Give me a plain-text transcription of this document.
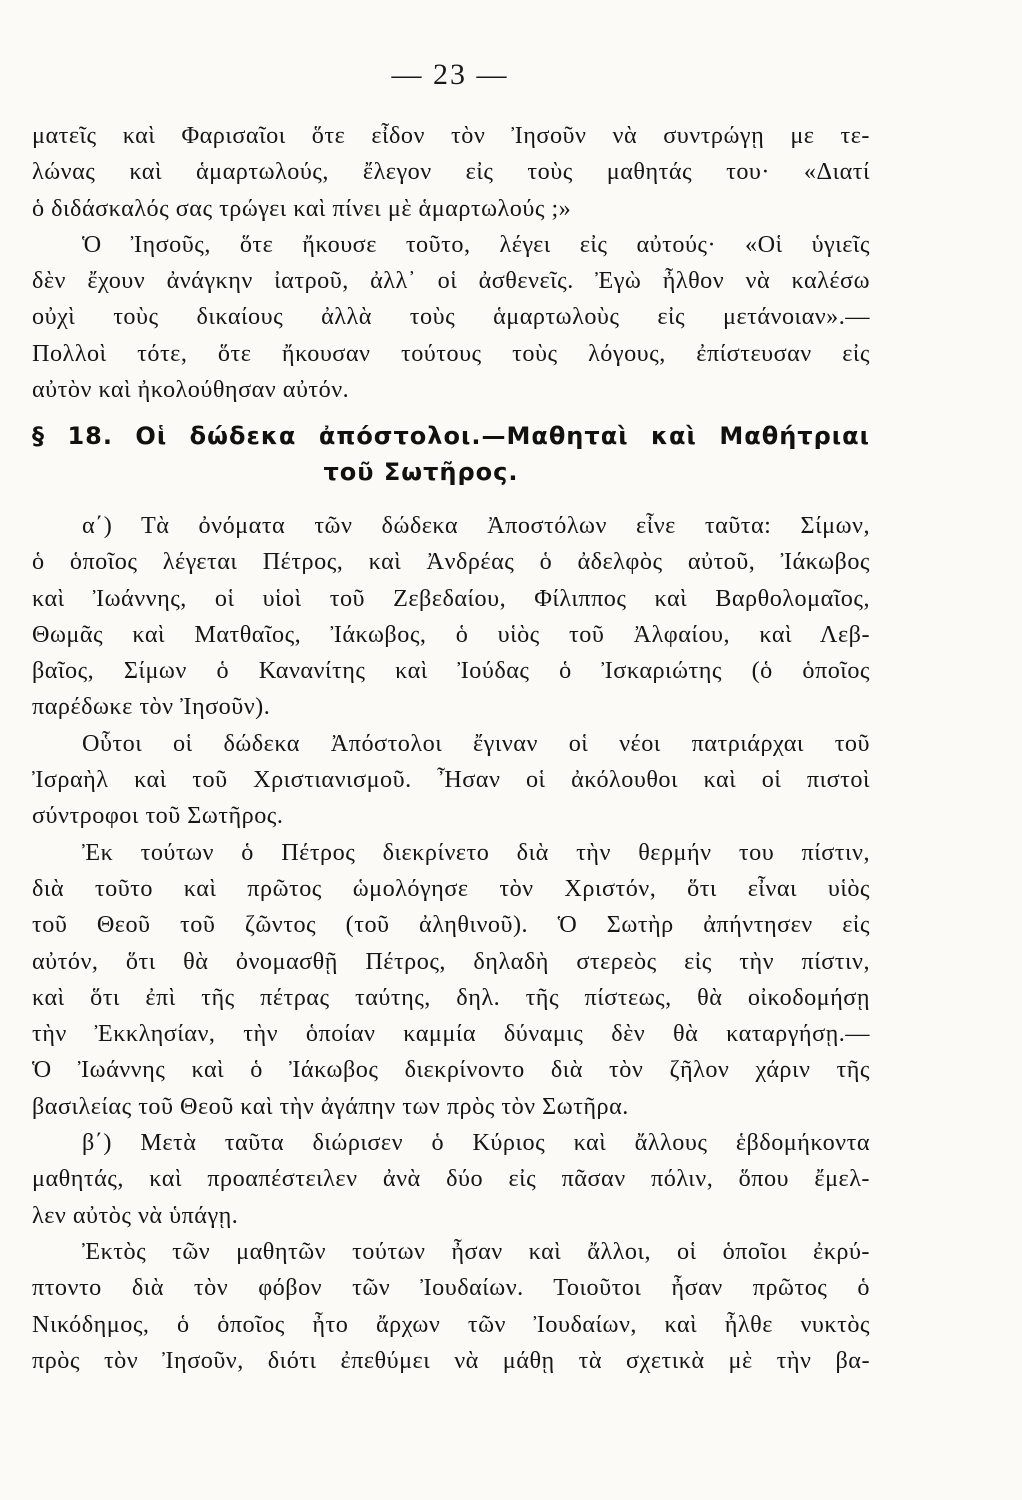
— 23 —
ματεῖς καὶ Φαρισαῖοι ὅτε εἶδον τὸν Ἰησοῦν νὰ συντρώγῃ με τε-
λώνας καὶ ἁμαρτωλούς, ἔλεγον εἰς τοὺς μαθητάς του· «Διατί
ὁ διδάσκαλός σας τρώγει καὶ πίνει μὲ ἁμαρτωλούς ;»
Ὁ Ἰησοῦς, ὅτε ἤκουσε τοῦτο, λέγει εἰς αὐτούς· «Οἱ ὑγιεῖς
δὲν ἔχουν ἀνάγκην ἰατροῦ, ἀλλ᾽ οἱ ἀσθενεῖς. Ἐγὼ ἦλθον νὰ καλέσω
οὐχὶ τοὺς δικαίους ἀλλὰ τοὺς ἁμαρτωλοὺς εἰς μετάνοιαν».—
Πολλοὶ τότε, ὅτε ἤκουσαν τούτους τοὺς λόγους, ἐπίστευσαν εἰς
αὐτὸν καὶ ἠκολούθησαν αὐτόν.
§ 18. Οἱ δώδεκα ἀπόστολοι.—Μαθηταὶ καὶ Μαθήτριαι
τοῦ Σωτῆρος.
α΄) Τὰ ὀνόματα τῶν δώδεκα Ἀποστόλων εἶνε ταῦτα: Σίμων,
ὁ ὁποῖος λέγεται Πέτρος, καὶ Ἀνδρέας ὁ ἀδελφὸς αὐτοῦ, Ἰάκωβος
καὶ Ἰωάννης, οἱ υἱοὶ τοῦ Ζεβεδαίου, Φίλιππος καὶ Βαρθολομαῖος,
Θωμᾶς καὶ Ματθαῖος, Ἰάκωβος, ὁ υἱὸς τοῦ Ἀλφαίου, καὶ Λεβ-
βαῖος, Σίμων ὁ Κανανίτης καὶ Ἰούδας ὁ Ἰσκαριώτης (ὁ ὁποῖος
παρέδωκε τὸν Ἰησοῦν).
Οὗτοι οἱ δώδεκα Ἀπόστολοι ἔγιναν οἱ νέοι πατριάρχαι τοῦ
Ἰσραὴλ καὶ τοῦ Χριστιανισμοῦ. Ἦσαν οἱ ἀκόλουθοι καὶ οἱ πιστοὶ
σύντροφοι τοῦ Σωτῆρος.
Ἐκ τούτων ὁ Πέτρος διεκρίνετο διὰ τὴν θερμήν του πίστιν,
διὰ τοῦτο καὶ πρῶτος ὡμολόγησε τὸν Χριστόν, ὅτι εἶναι υἱὸς
τοῦ Θεοῦ τοῦ ζῶντος (τοῦ ἀληθινοῦ). Ὁ Σωτὴρ ἀπήντησεν εἰς
αὐτόν, ὅτι θὰ ὀνομασθῇ Πέτρος, δηλαδὴ στερεὸς εἰς τὴν πίστιν,
καὶ ὅτι ἐπὶ τῆς πέτρας ταύτης, δηλ. τῆς πίστεως, θὰ οἰκοδομήσῃ
τὴν Ἐκκλησίαν, τὴν ὁποίαν καμμία δύναμις δὲν θὰ καταργήσῃ.—
Ὁ Ἰωάννης καὶ ὁ Ἰάκωβος διεκρίνοντο διὰ τὸν ζῆλον χάριν τῆς
βασιλείας τοῦ Θεοῦ καὶ τὴν ἀγάπην των πρὸς τὸν Σωτῆρα.
β΄) Μετὰ ταῦτα διώρισεν ὁ Κύριος καὶ ἄλλους ἑβδομήκοντα
μαθητάς, καὶ προαπέστειλεν ἀνὰ δύο εἰς πᾶσαν πόλιν, ὅπου ἔμελ-
λεν αὐτὸς νὰ ὑπάγῃ.
Ἐκτὸς τῶν μαθητῶν τούτων ἦσαν καὶ ἄλλοι, οἱ ὁποῖοι ἐκρύ-
πτοντο διὰ τὸν φόβον τῶν Ἰουδαίων. Τοιοῦτοι ἦσαν πρῶτος ὁ
Νικόδημος, ὁ ὁποῖος ἦτο ἄρχων τῶν Ἰουδαίων, καὶ ἦλθε νυκτὸς
πρὸς τὸν Ἰησοῦν, διότι ἐπεθύμει νὰ μάθῃ τὰ σχετικὰ μὲ τὴν βα-
